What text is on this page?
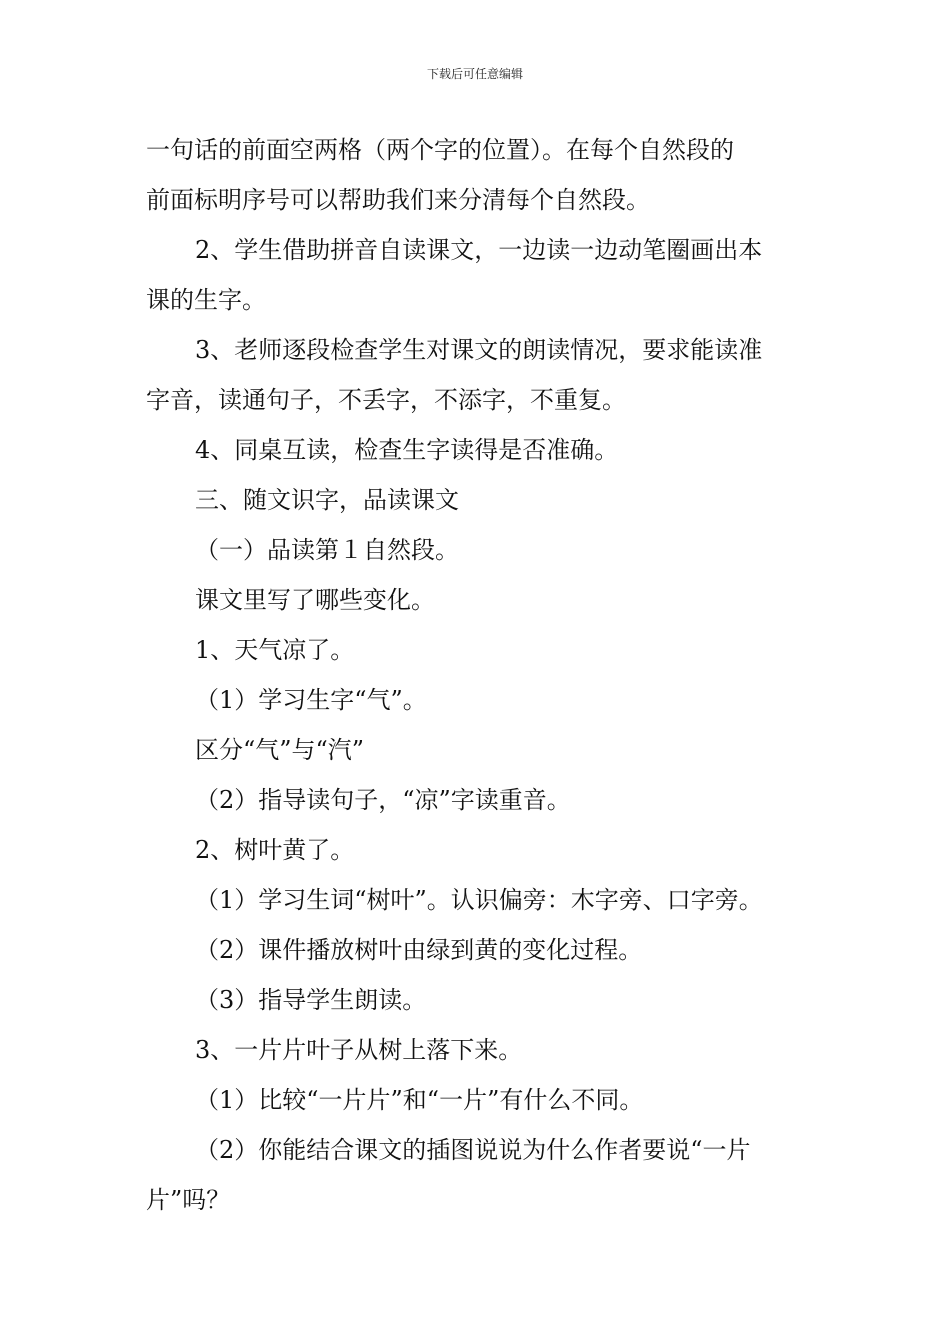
下载后可任意编辑
一句话的前面空两格（两个字的位置）。在每个自然段的
前面标明序号可以帮助我们来分清每个自然段。
2、学生借助拼音自读课文，一边读一边动笔圈画出本
课的生字。
3、老师逐段检查学生对课文的朗读情况，要求能读准
字音，读通句子，不丢字，不添字，不重复。
4、同桌互读，检查生字读得是否准确。
三、随文识字，品读课文
（一）品读第１自然段。
课文里写了哪些变化。
1、天气凉了。
（1）学习生字“气”。
区分“气”与“汽”
（2）指导读句子，“凉”字读重音。
2、树叶黄了。
（1）学习生词“树叶”。认识偏旁：木字旁、口字旁。
（2）课件播放树叶由绿到黄的变化过程。
（3）指导学生朗读。
3、一片片叶子从树上落下来。
（1）比较“一片片”和“一片”有什么不同。
（2）你能结合课文的插图说说为什么作者要说“一片
片”吗？
